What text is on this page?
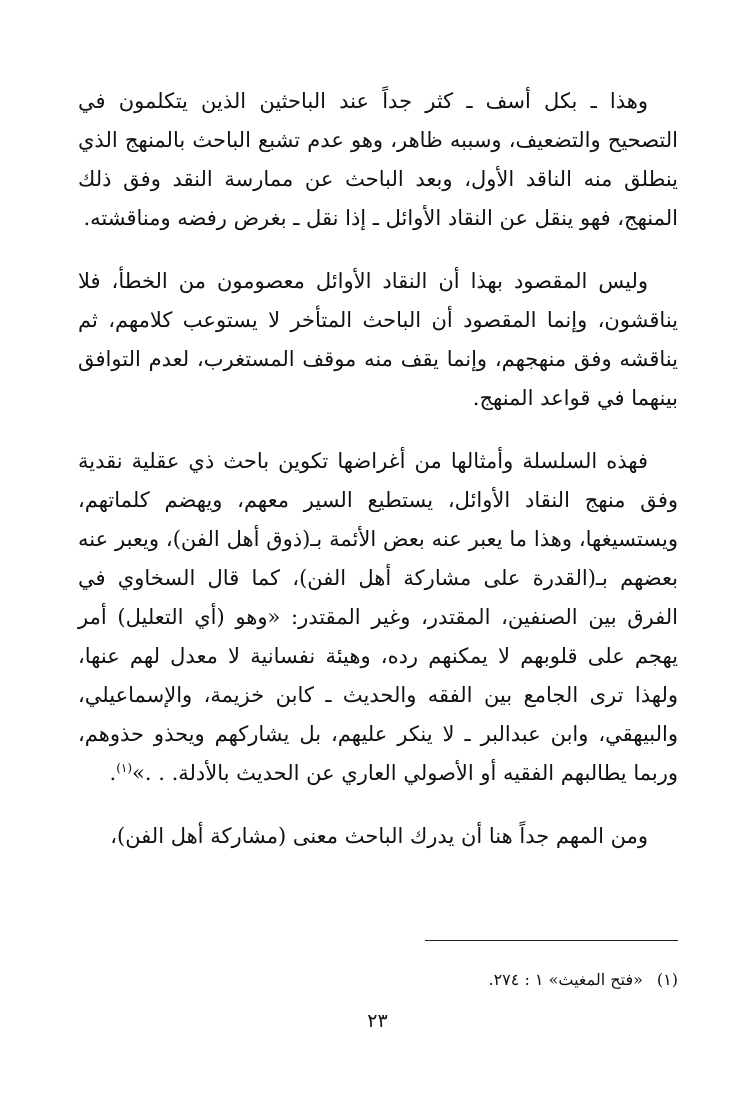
وهذا ـ بكل أسف ـ كثر جداً عند الباحثين الذين يتكلمون في التصحيح والتضعيف، وسببه ظاهر، وهو عدم تشبع الباحث بالمنهج الذي ينطلق منه الناقد الأول، وبعد الباحث عن ممارسة النقد وفق ذلك المنهج، فهو ينقل عن النقاد الأوائل ـ إذا نقل ـ بغرض رفضه ومناقشته.

وليس المقصود بهذا أن النقاد الأوائل معصومون من الخطأ، فلا يناقشون، وإنما المقصود أن الباحث المتأخر لا يستوعب كلامهم، ثم يناقشه وفق منهجهم، وإنما يقف منه موقف المستغرب، لعدم التوافق بينهما في قواعد المنهج.

فهذه السلسلة وأمثالها من أغراضها تكوين باحث ذي عقلية نقدية وفق منهج النقاد الأوائل، يستطيع السير معهم، ويهضم كلماتهم، ويستسيغها، وهذا ما يعبر عنه بعض الأئمة بـ(ذوق أهل الفن)، ويعبر عنه بعضهم بـ(القدرة على مشاركة أهل الفن)، كما قال السخاوي في الفرق بين الصنفين، المقتدر، وغير المقتدر: «وهو (أي التعليل) أمر يهجم على قلوبهم لا يمكنهم رده، وهيئة نفسانية لا معدل لهم عنها، ولهذا ترى الجامع بين الفقه والحديث ـ كابن خزيمة، والإسماعيلي، والبيهقي، وابن عبدالبر ـ لا ينكر عليهم، بل يشاركهم ويحذو حذوهم، وربما يطالبهم الفقيه أو الأصولي العاري عن الحديث بالأدلة. . .»$^{(١)}$.

ومن المهم جداً هنا أن يدرك الباحث معنى (مشاركة أهل الفن)،

(١)«فتح المغيث» ١ : ٢٧٤.
٢٣
